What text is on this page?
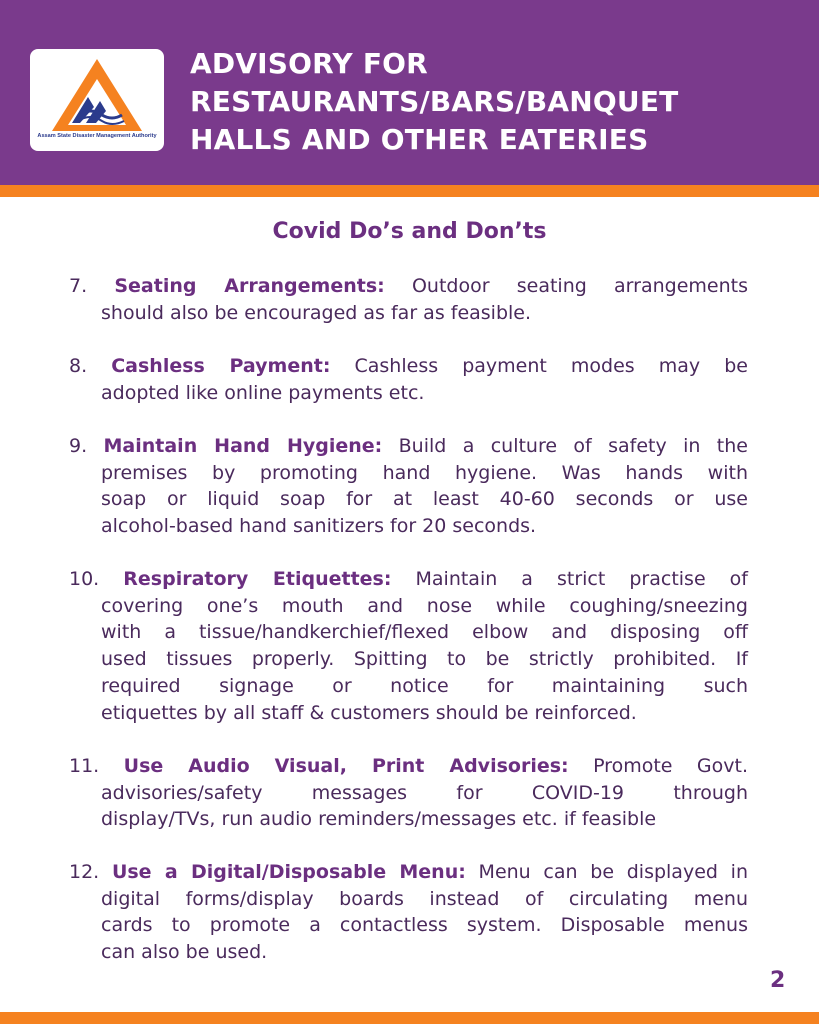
Assam State Disaster Management Authority
ADVISORY FOR
RESTAURANTS/BARS/BANQUET
HALLS AND OTHER EATERIES
Covid Do’s and Don’ts
7. Seating Arrangements: Outdoor seating arrangements
should also be encouraged as far as feasible.
8. Cashless Payment: Cashless payment modes may be
adopted like online payments etc.
9. Maintain Hand Hygiene: Build a culture of safety in the
premises by promoting hand hygiene. Was hands with
soap or liquid soap for at least 40-60 seconds or use
alcohol-based hand sanitizers for 20 seconds.
10. Respiratory Etiquettes: Maintain a strict practise of
covering one’s mouth and nose while coughing/sneezing
with a tissue/handkerchief/flexed elbow and disposing off
used tissues properly. Spitting to be strictly prohibited. If
required signage or notice for maintaining such
etiquettes by all staff & customers should be reinforced.
11. Use Audio Visual, Print Advisories: Promote Govt.
advisories/safety messages for COVID-19 through
display/TVs, run audio reminders/messages etc. if feasible
12. Use a Digital/Disposable Menu: Menu can be displayed in
digital forms/display boards instead of circulating menu
cards to promote a contactless system. Disposable menus
can also be used.
2
